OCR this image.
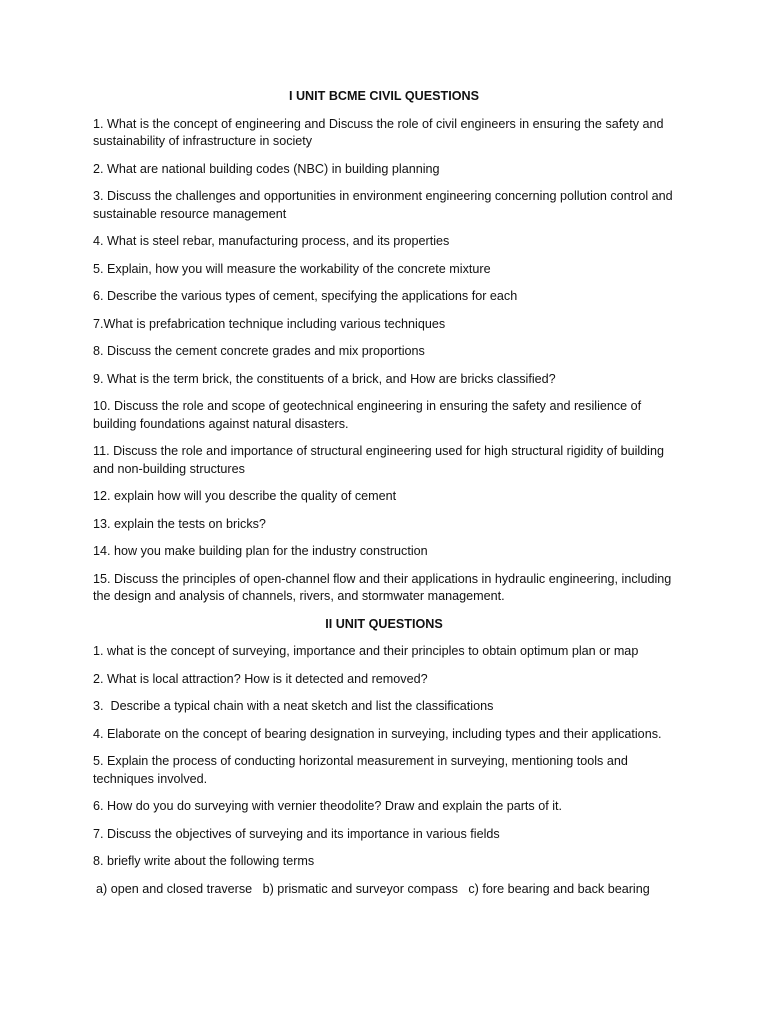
I UNIT BCME CIVIL QUESTIONS
1. What is the concept of engineering and Discuss the role of civil engineers in ensuring the safety and sustainability of infrastructure in society
2. What are national building codes (NBC) in building planning
3. Discuss the challenges and opportunities in environment engineering concerning pollution control and sustainable resource management
4. What is steel rebar, manufacturing process, and its properties
5. Explain, how you will measure the workability of the concrete mixture
6. Describe the various types of cement, specifying the applications for each
7.What is prefabrication technique including various techniques
8. Discuss the cement concrete grades and mix proportions
9. What is the term brick, the constituents of a brick, and How are bricks classified?
10. Discuss the role and scope of geotechnical engineering in ensuring the safety and resilience of building foundations against natural disasters.
11. Discuss the role and importance of structural engineering used for high structural rigidity of building and non-building structures
12. explain how will you describe the quality of cement
13. explain the tests on bricks?
14. how you make building plan for the industry construction
15. Discuss the principles of open-channel flow and their applications in hydraulic engineering, including the design and analysis of channels, rivers, and stormwater management.
II UNIT QUESTIONS
1. what is the concept of surveying, importance and their principles to obtain optimum plan or map
2. What is local attraction? How is it detected and removed?
3.  Describe a typical chain with a neat sketch and list the classifications
4. Elaborate on the concept of bearing designation in surveying, including types and their applications.
5. Explain the process of conducting horizontal measurement in surveying, mentioning tools and techniques involved.
6. How do you do surveying with vernier theodolite? Draw and explain the parts of it.
7. Discuss the objectives of surveying and its importance in various fields
8. briefly write about the following terms
a) open and closed traverse   b) prismatic and surveyor compass   c) fore bearing and back bearing
